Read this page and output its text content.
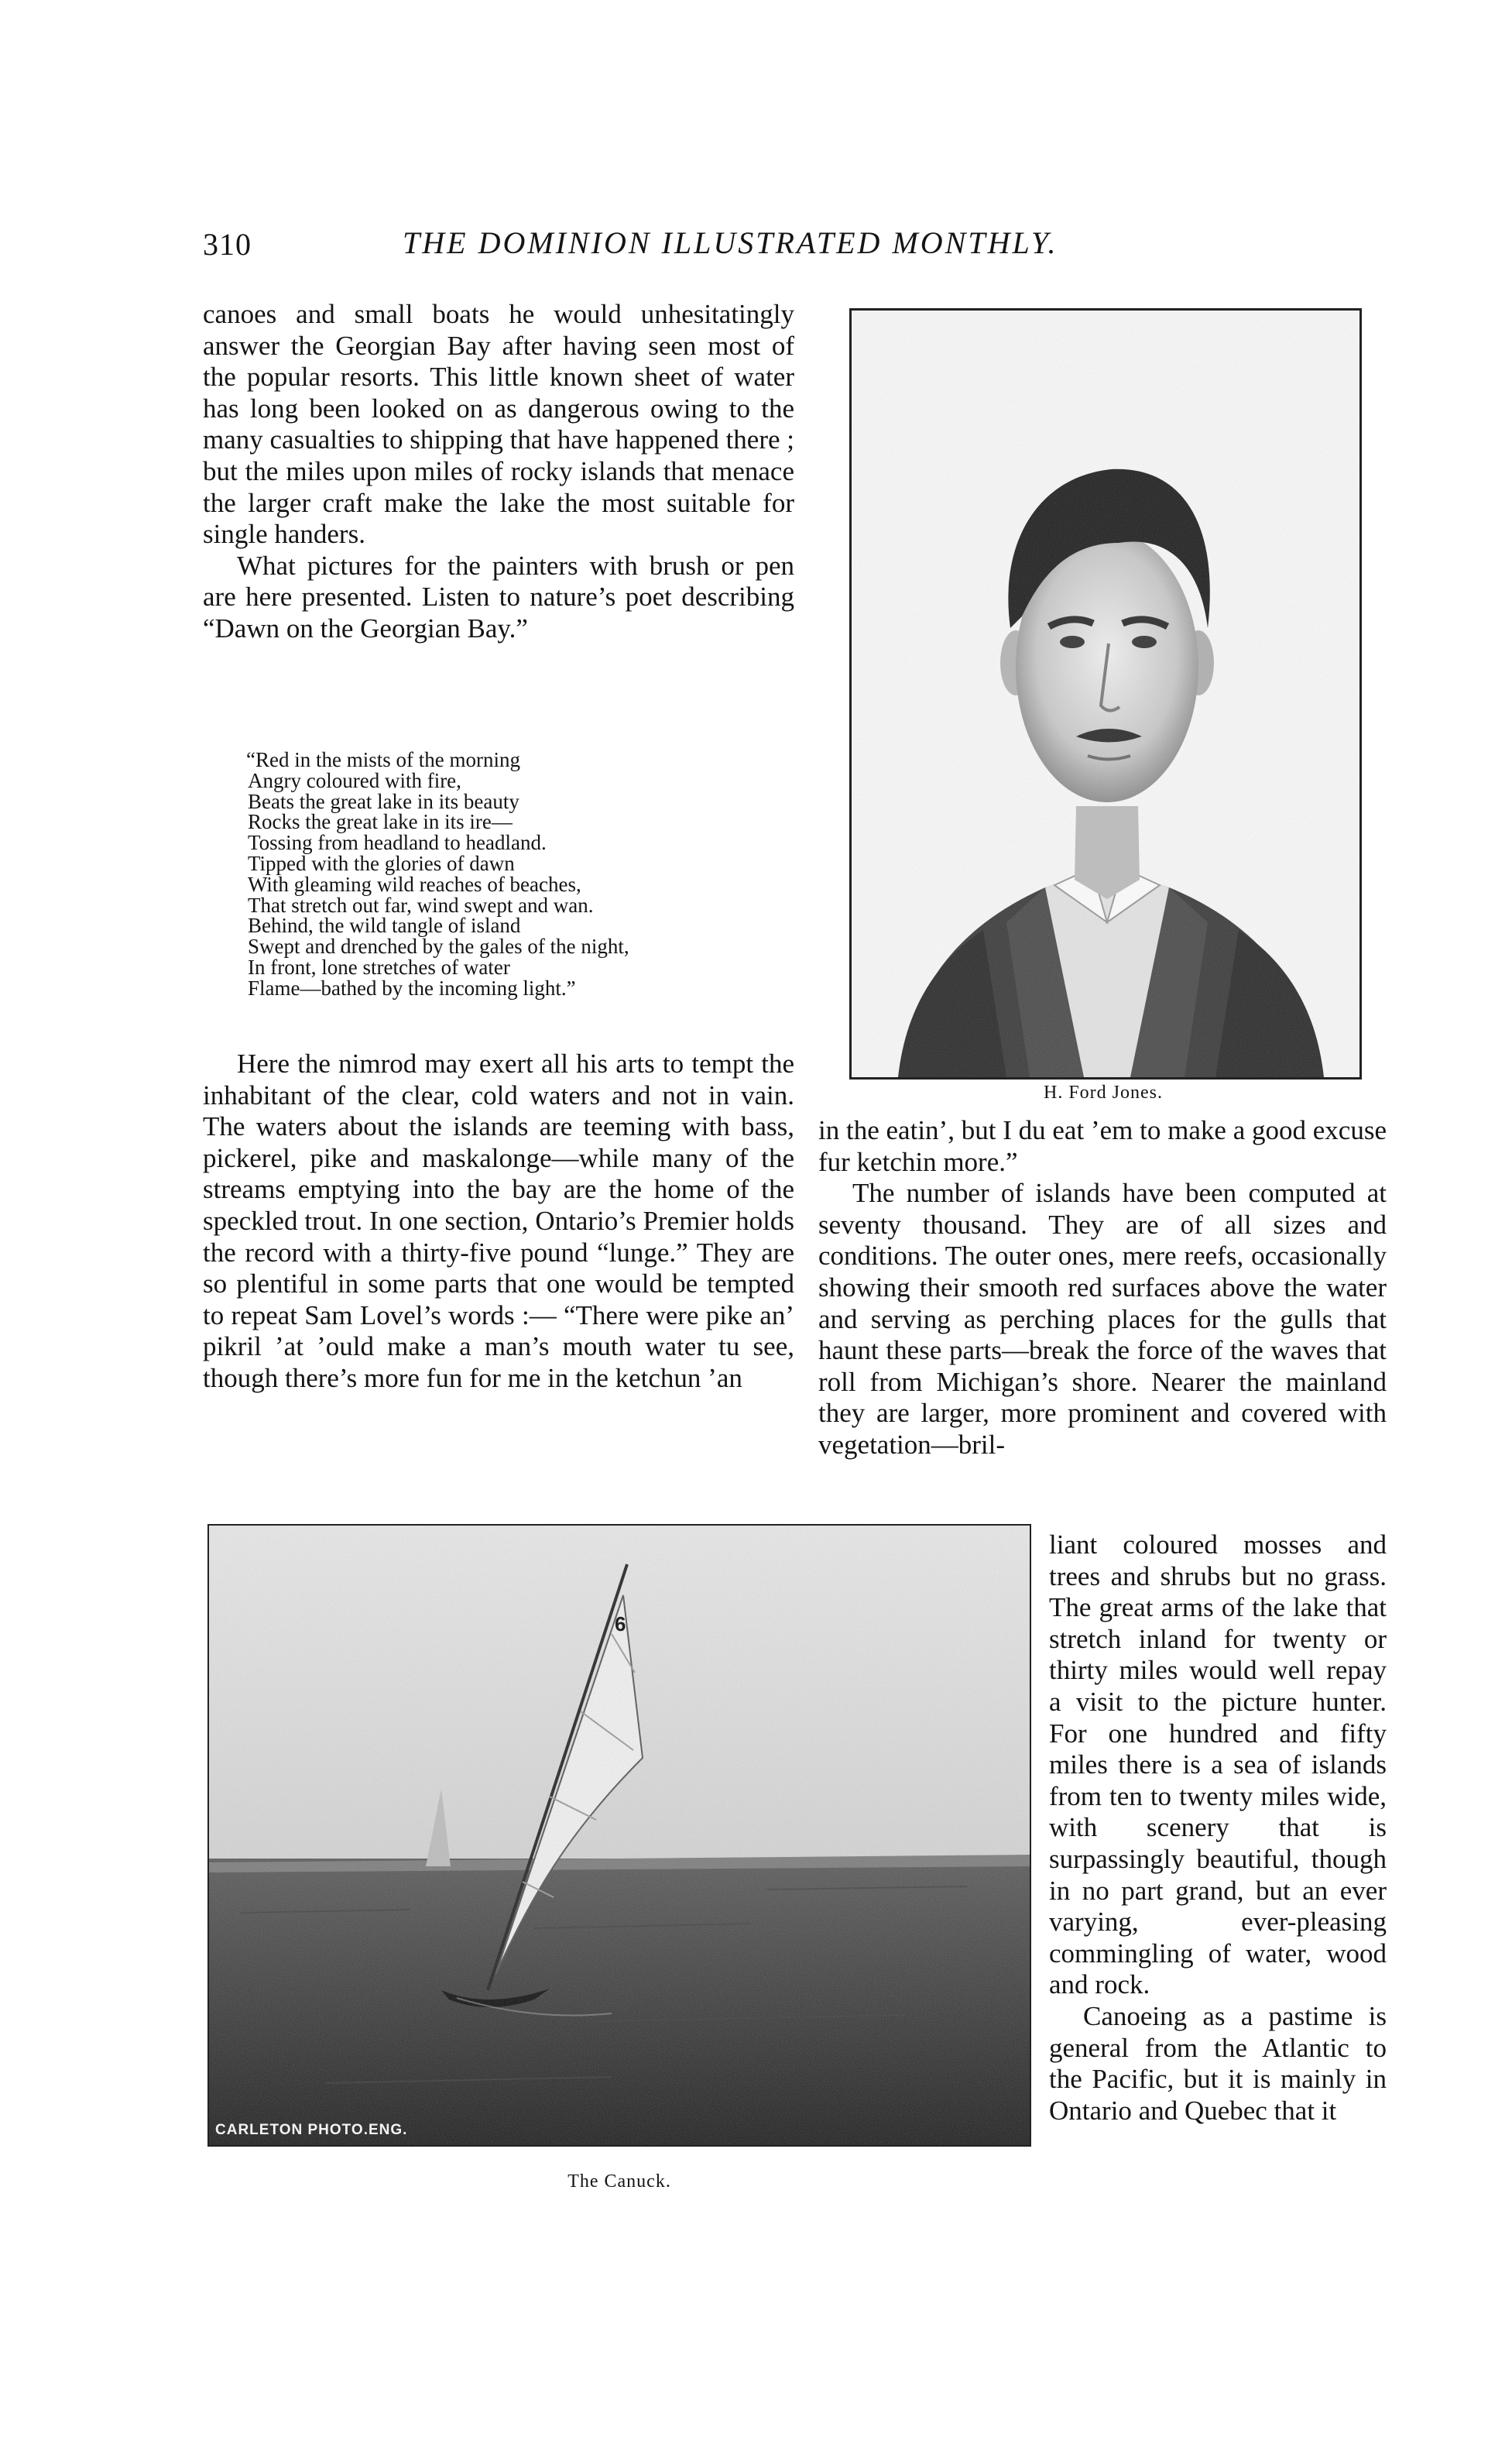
310	THE DOMINION ILLUSTRATED MONTHLY.

canoes and small boats he would unhesitatingly answer the Georgian Bay after having seen most of the popular resorts. This little known sheet of water has long been looked on as dangerous owing to the many casualties to shipping that have happened there ; but the miles upon miles of rocky islands that menace the larger craft make the lake the most suitable for single handers.

What pictures for the painters with brush or pen are here presented. Listen to nature’s poet describing “Dawn on the Georgian Bay.”

“Red in the mists of the morning
Angry coloured with fire,
Beats the great lake in its beauty
Rocks the great lake in its ire—
Tossing from headland to headland.
Tipped with the glories of dawn
With gleaming wild reaches of beaches,
That stretch out far, wind swept and wan.
Behind, the wild tangle of island
Swept and drenched by the gales of the night,
In front, lone stretches of water
Flame—bathed by the incoming light.”

Here the nimrod may exert all his arts to tempt the inhabitant of the clear, cold waters and not in vain. The waters about the islands are teeming with bass, pickerel, pike and maskalonge—while many of the streams emptying into the bay are the home of the speckled trout. In one section, Ontario’s Premier holds the record with a thirty-five pound “lunge.” They are so plentiful in some parts that one would be tempted to repeat Sam Lovel’s words :— “There were pike an’ pikril ’at ’ould make a man’s mouth water tu see, though there’s more fun for me in the ketchun ’an

H. Ford Jones.

in the eatin’, but I du eat ’em to make a good excuse fur ketchin more.”

The number of islands have been computed at seventy thousand. They are of all sizes and conditions. The outer ones, mere reefs, occasionally showing their smooth red surfaces above the water and serving as perching places for the gulls that haunt these parts—break the force of the waves that roll from Michigan’s shore. Nearer the mainland they are larger, more prominent and covered with vegetation—bril-

liant coloured mosses and trees and shrubs but no grass. The great arms of the lake that stretch inland for twenty or thirty miles would well repay a visit to the picture hunter. For one hundred and fifty miles there is a sea of islands from ten to twenty miles wide, with scenery that is surpassingly beautiful, though in no part grand, but an ever varying, ever-pleasing commingling of water, wood and rock.

Canoeing as a pastime is general from the Atlantic to the Pacific, but it is mainly in Ontario and Quebec that it

6
CARLETON PHOTO.ENG.
The Canuck.
